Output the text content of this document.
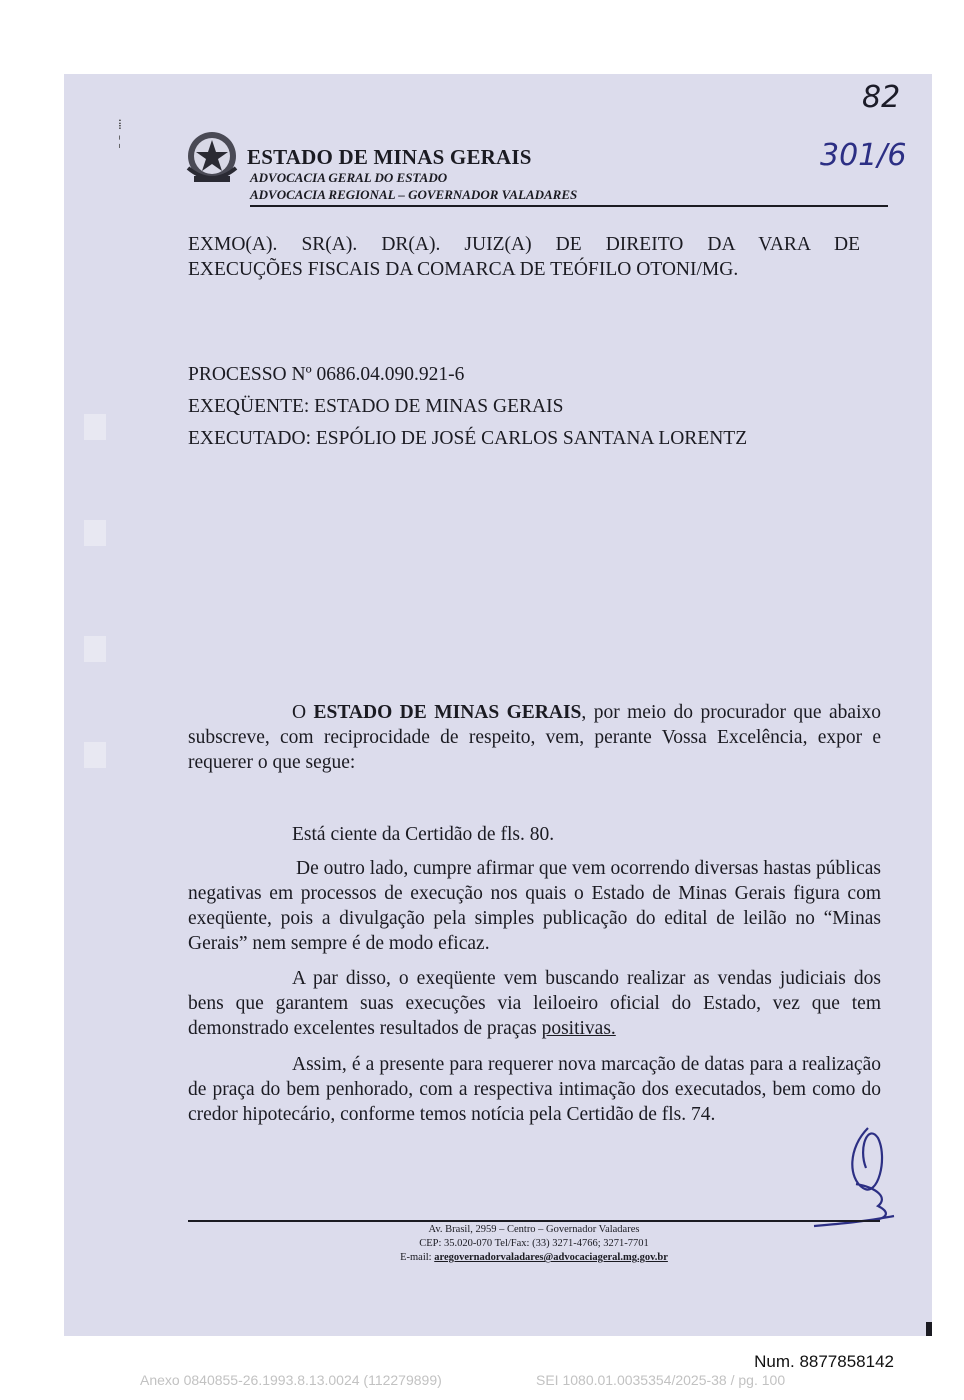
⁞
¦
ESTADO DE MINAS GERAIS
ADVOCACIA GERAL DO ESTADO
ADVOCACIA REGIONAL – GOVERNADOR VALADARES
82
301/6
EXMO(A). SR(A). DR(A). JUIZ(A) DE DIREITO DA VARA DE
EXECUÇÕES FISCAIS DA COMARCA DE TEÓFILO OTONI/MG.
PROCESSO Nº 0686.04.090.921-6
EXEQÜENTE: ESTADO DE MINAS GERAIS
EXECUTADO: ESPÓLIO DE JOSÉ CARLOS SANTANA LORENTZ
O ESTADO DE MINAS GERAIS, por meio do procurador que abaixo subscreve, com reciprocidade de respeito, vem, perante Vossa Excelência, expor e requerer o que segue:
Está ciente da Certidão de fls. 80.
De outro lado, cumpre afirmar que vem ocorrendo diversas hastas públicas negativas em processos de execução nos quais o Estado de Minas Gerais figura com exeqüente, pois a divulgação pela simples publicação do edital de leilão no “Minas Gerais” nem sempre é de modo eficaz.
A par disso, o exeqüente vem buscando realizar as vendas judiciais dos bens que garantem suas execuções via leiloeiro oficial do Estado, vez que tem demonstrado excelentes resultados de praças positivas.
Assim, é a presente para requerer nova marcação de datas para a realização de praça do bem penhorado, com a respectiva intimação dos executados, bem como do credor hipotecário, conforme temos notícia pela Certidão de fls. 74.
Av. Brasil, 2959 – Centro – Governador Valadares
CEP: 35.020-070 Tel/Fax: (33) 3271-4766; 3271-7701
E-mail: aregovernadorvaladares@advocaciageral.mg.gov.br
Num. 8877858142
Anexo 0840855-26.1993.8.13.0024 (112279899)	SEI 1080.01.0035354/2025-38 / pg. 100
